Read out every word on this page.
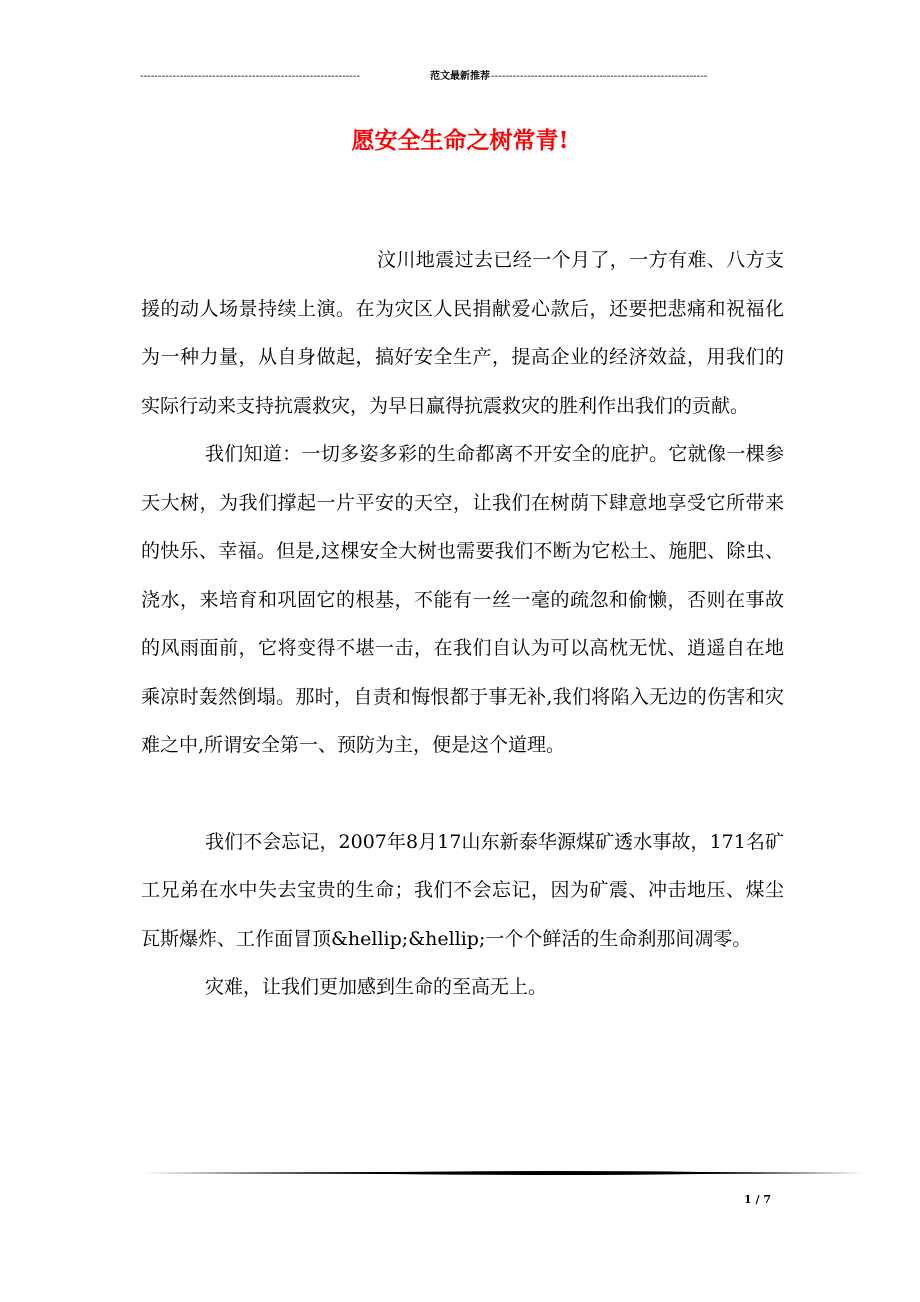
-------------------------------------------------------------	范文最新推荐 ------------------------------------------------------------
愿安全生命之树常青!

汶川地震过去已经一个月了，一方有难、八方支援的动人场景持续上演。在为灾区人民捐献爱心款后，还要把悲痛和祝福化为一种力量，从自身做起，搞好安全生产，提高企业的经济效益，用我们的实际行动来支持抗震救灾，为早日赢得抗震救灾的胜利作出我们的贡献。

我们知道：一切多姿多彩的生命都离不开安全的庇护。它就像一棵参天大树，为我们撑起一片平安的天空，让我们在树荫下肆意地享受它所带来的快乐、幸福。但是,这棵安全大树也需要我们不断为它松土、施肥、除虫、浇水，来培育和巩固它的根基，不能有一丝一毫的疏忽和偷懒，否则在事故的风雨面前，它将变得不堪一击，在我们自认为可以高枕无忧、逍遥自在地乘凉时轰然倒塌。那时，自责和悔恨都于事无补,我们将陷入无边的伤害和灾难之中,所谓安全第一、预防为主，便是这个道理。

我们不会忘记，2007年8月17山东新泰华源煤矿透水事故，171名矿工兄弟在水中失去宝贵的生命；我们不会忘记，因为矿震、冲击地压、煤尘瓦斯爆炸、工作面冒顶&hellip;&hellip;一个个鲜活的生命刹那间凋零。

灾难，让我们更加感到生命的至高无上。

1 / 7
